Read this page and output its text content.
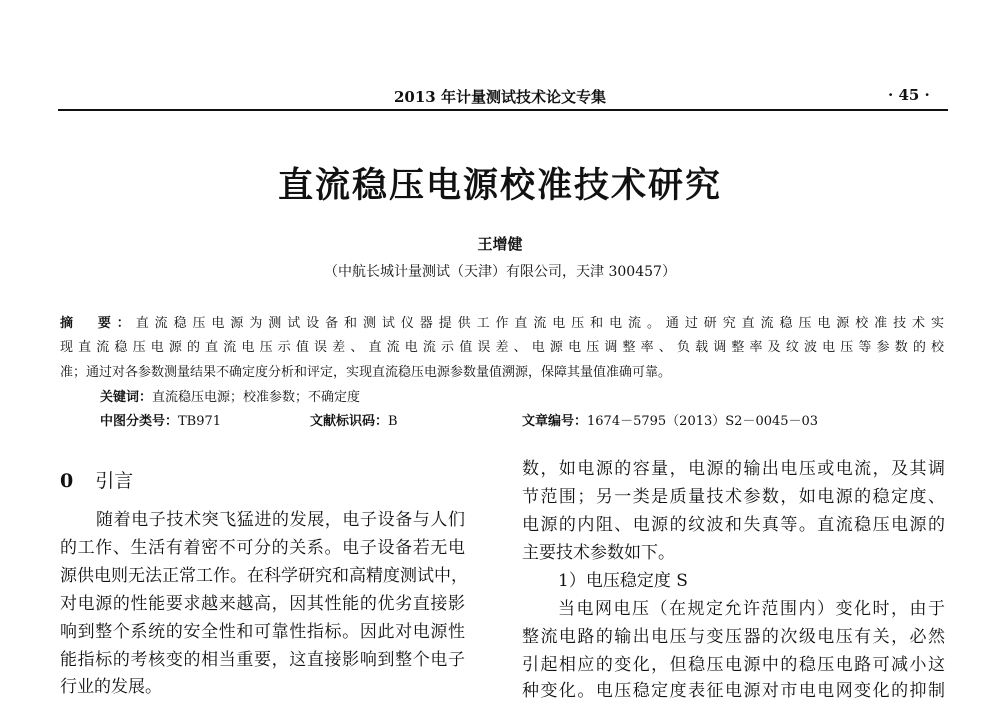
2013 年计量测试技术论文专集	· 45 ·
直流稳压电源校准技术研究
王增健
（中航长城计量测试（天津）有限公司，天津 300457）
摘　要：直流稳压电源为测试设备和测试仪器提供工作直流电压和电流。通过研究直流稳压电源校准技术实
现直流稳压电源的直流电压示值误差、直流电流示值误差、电源电压调整率、负载调整率及纹波电压等参数的校
准；通过对各参数测量结果不确定度分析和评定，实现直流稳压电源参数量值溯源，保障其量值准确可靠。
关键词：直流稳压电源；校准参数；不确定度
中图分类号：TB971	文献标识码：B	文章编号：1674－5795（2013）S2－0045－03
0 引言
随着电子技术突飞猛进的发展，电子设备与人们
的工作、生活有着密不可分的关系。电子设备若无电
源供电则无法正常工作。在科学研究和高精度测试中，
对电源的性能要求越来越高，因其性能的优劣直接影
响到整个系统的安全性和可靠性指标。因此对电源性
能指标的考核变的相当重要，这直接影响到整个电子
行业的发展。
数，如电源的容量，电源的输出电压或电流，及其调
节范围；另一类是质量技术参数，如电源的稳定度、
电源的内阻、电源的纹波和失真等。直流稳压电源的
主要技术参数如下。
1）电压稳定度 S
当电网电压（在规定允许范围内）变化时，由于
整流电路的输出电压与变压器的次级电压有关，必然
引起相应的变化，但稳压电源中的稳压电路可减小这
种变化。电压稳定度表征电源对市电电网变化的抑制
